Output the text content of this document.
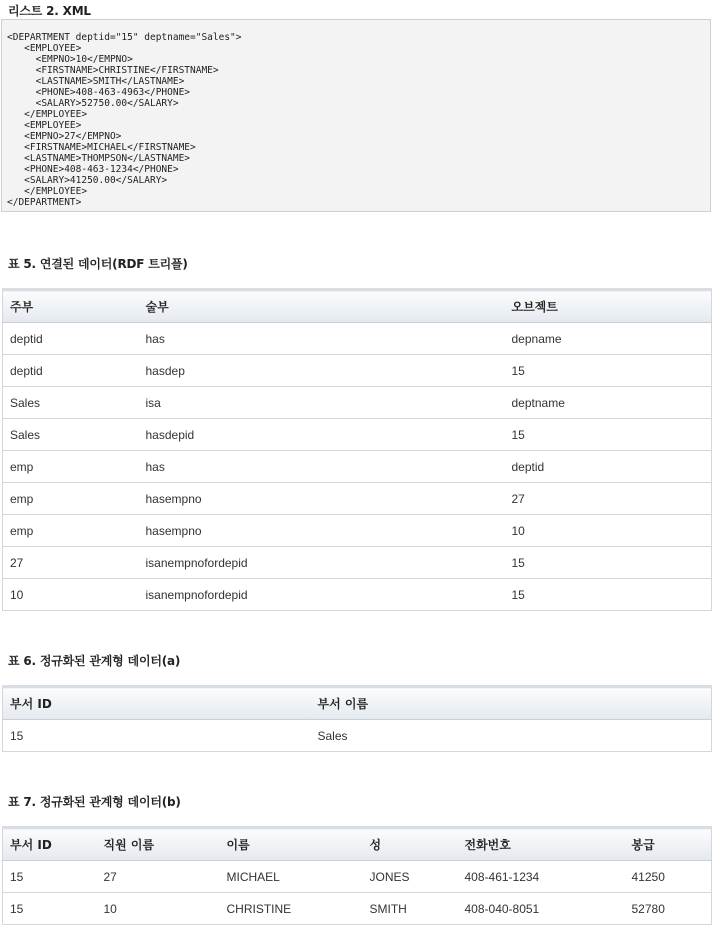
리스트 2. XML
<DEPARTMENT deptid="15" deptname="Sales">
<EMPLOYEE>
<EMPNO>10</EMPNO>
<FIRSTNAME>CHRISTINE</FIRSTNAME>
<LASTNAME>SMITH</LASTNAME>
<PHONE>408-463-4963</PHONE>
<SALARY>52750.00</SALARY>
</EMPLOYEE>
<EMPLOYEE>
<EMPNO>27</EMPNO>
<FIRSTNAME>MICHAEL</FIRSTNAME>
<LASTNAME>THOMPSON</LASTNAME>
<PHONE>408-463-1234</PHONE>
<SALARY>41250.00</SALARY>
</EMPLOYEE>
</DEPARTMENT>
표 5. 연결된 데이터(RDF 트리플)
주부	술부	오브젝트
deptid	has	depname
deptid	hasdep	15
Sales	isa	deptname
Sales	hasdepid	15
emp	has	deptid
emp	hasempno	27
emp	hasempno	10
27	isanempnofordepid	15
10	isanempnofordepid	15
표 6. 정규화된 관계형 데이터(a)
부서 ID	부서 이름
15	Sales
표 7. 정규화된 관계형 데이터(b)
부서 ID	직원 이름	이름	성	전화번호	봉급
15	27	MICHAEL	JONES	408-461-1234	41250
15	10	CHRISTINE	SMITH	408-040-8051	52780
